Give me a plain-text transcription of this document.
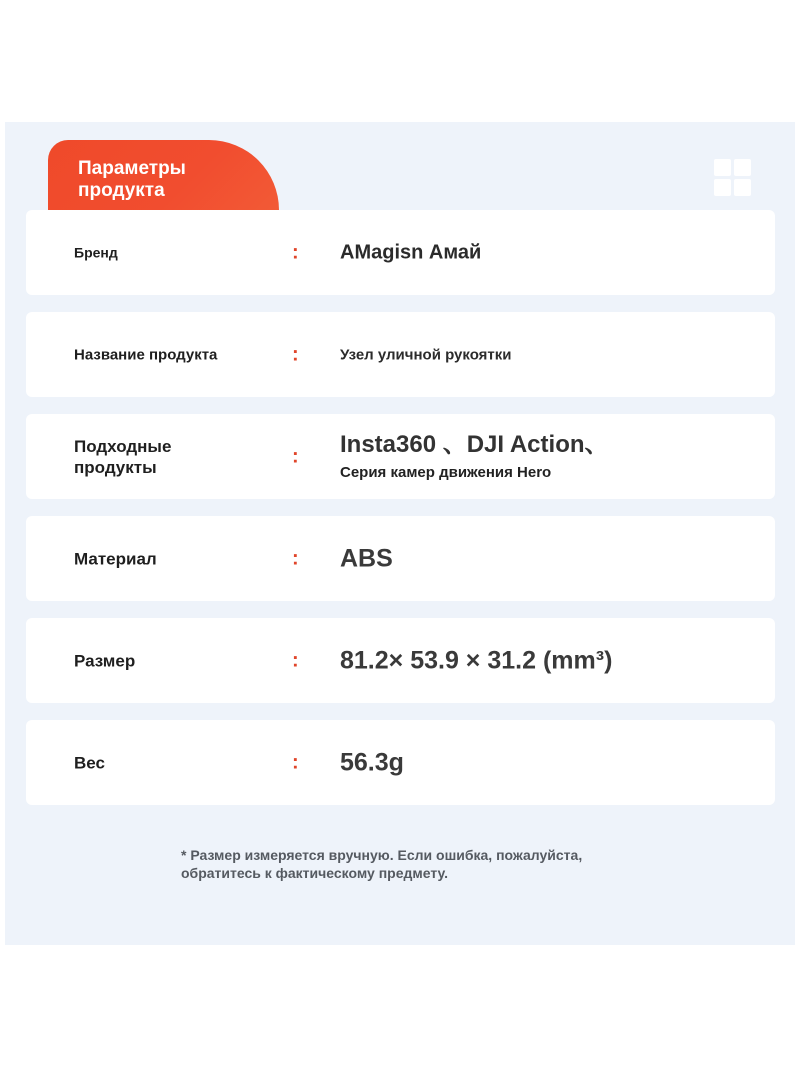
Параметры
продукта
Бренд	: AMagisn Амай
Название продукта	:	Узел уличной рукоятки
Подходные продукты	: Insta360 、DJI Action、
Серия камер движения Hero
Материал	: ABS
Размер	: 81.2× 53.9 × 31.2 (mm³)
Вес	: 56.3g
* Размер измеряется вручную. Если ошибка, пожалуйста,
обратитесь к фактическому предмету.
